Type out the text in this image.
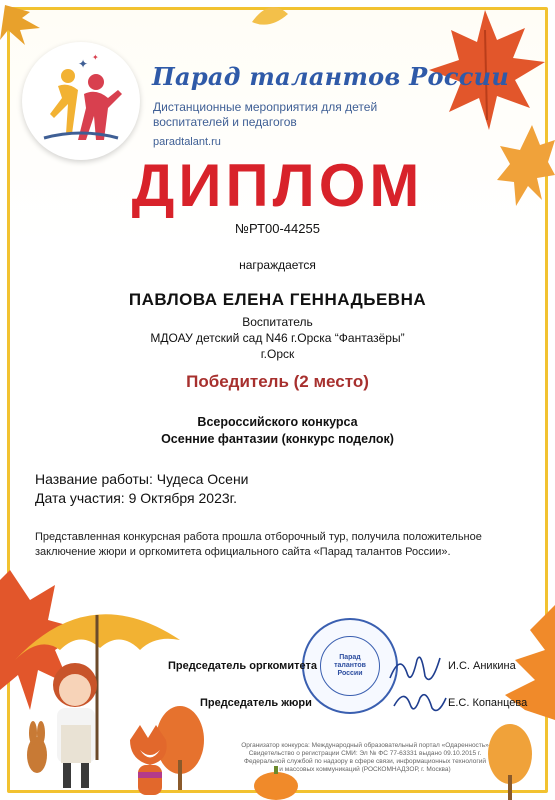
✦ ✦
Парад талантов России
Дистанционные мероприятия для детей воспитателей и педагогов
paradtalant.ru
ДИПЛОМ
№РТ00-44255
награждается
ПАВЛОВА ЕЛЕНА ГЕННАДЬЕВНА
Воспитатель
МДОАУ детский сад N46 г.Орска “Фантазёры”
г.Орск
Победитель (2 место)
Всероссийского конкурса
Осенние фантазии (конкурс поделок)
Название работы: Чудеса Осени
Дата участия: 9 Октября 2023г.
Представленная конкурсная работа прошла отборочный тур, получила положительное заключение жюри и оргкомитета официального сайта «Парад талантов России».
Парад талантов России
Председатель оргкомитета	И.С. Аникина
Председатель жюри	Е.С. Копанцева
Организатор конкурса: Международный образовательный портал «Одаренность»
Свидетельство о регистрации СМИ: Эл № ФС 77-63331 выдано 09.10.2015 г.
Федеральной службой по надзору в сфере связи, информационных технологий
и массовых коммуникаций (РОСКОМНАДЗОР, г. Москва)
